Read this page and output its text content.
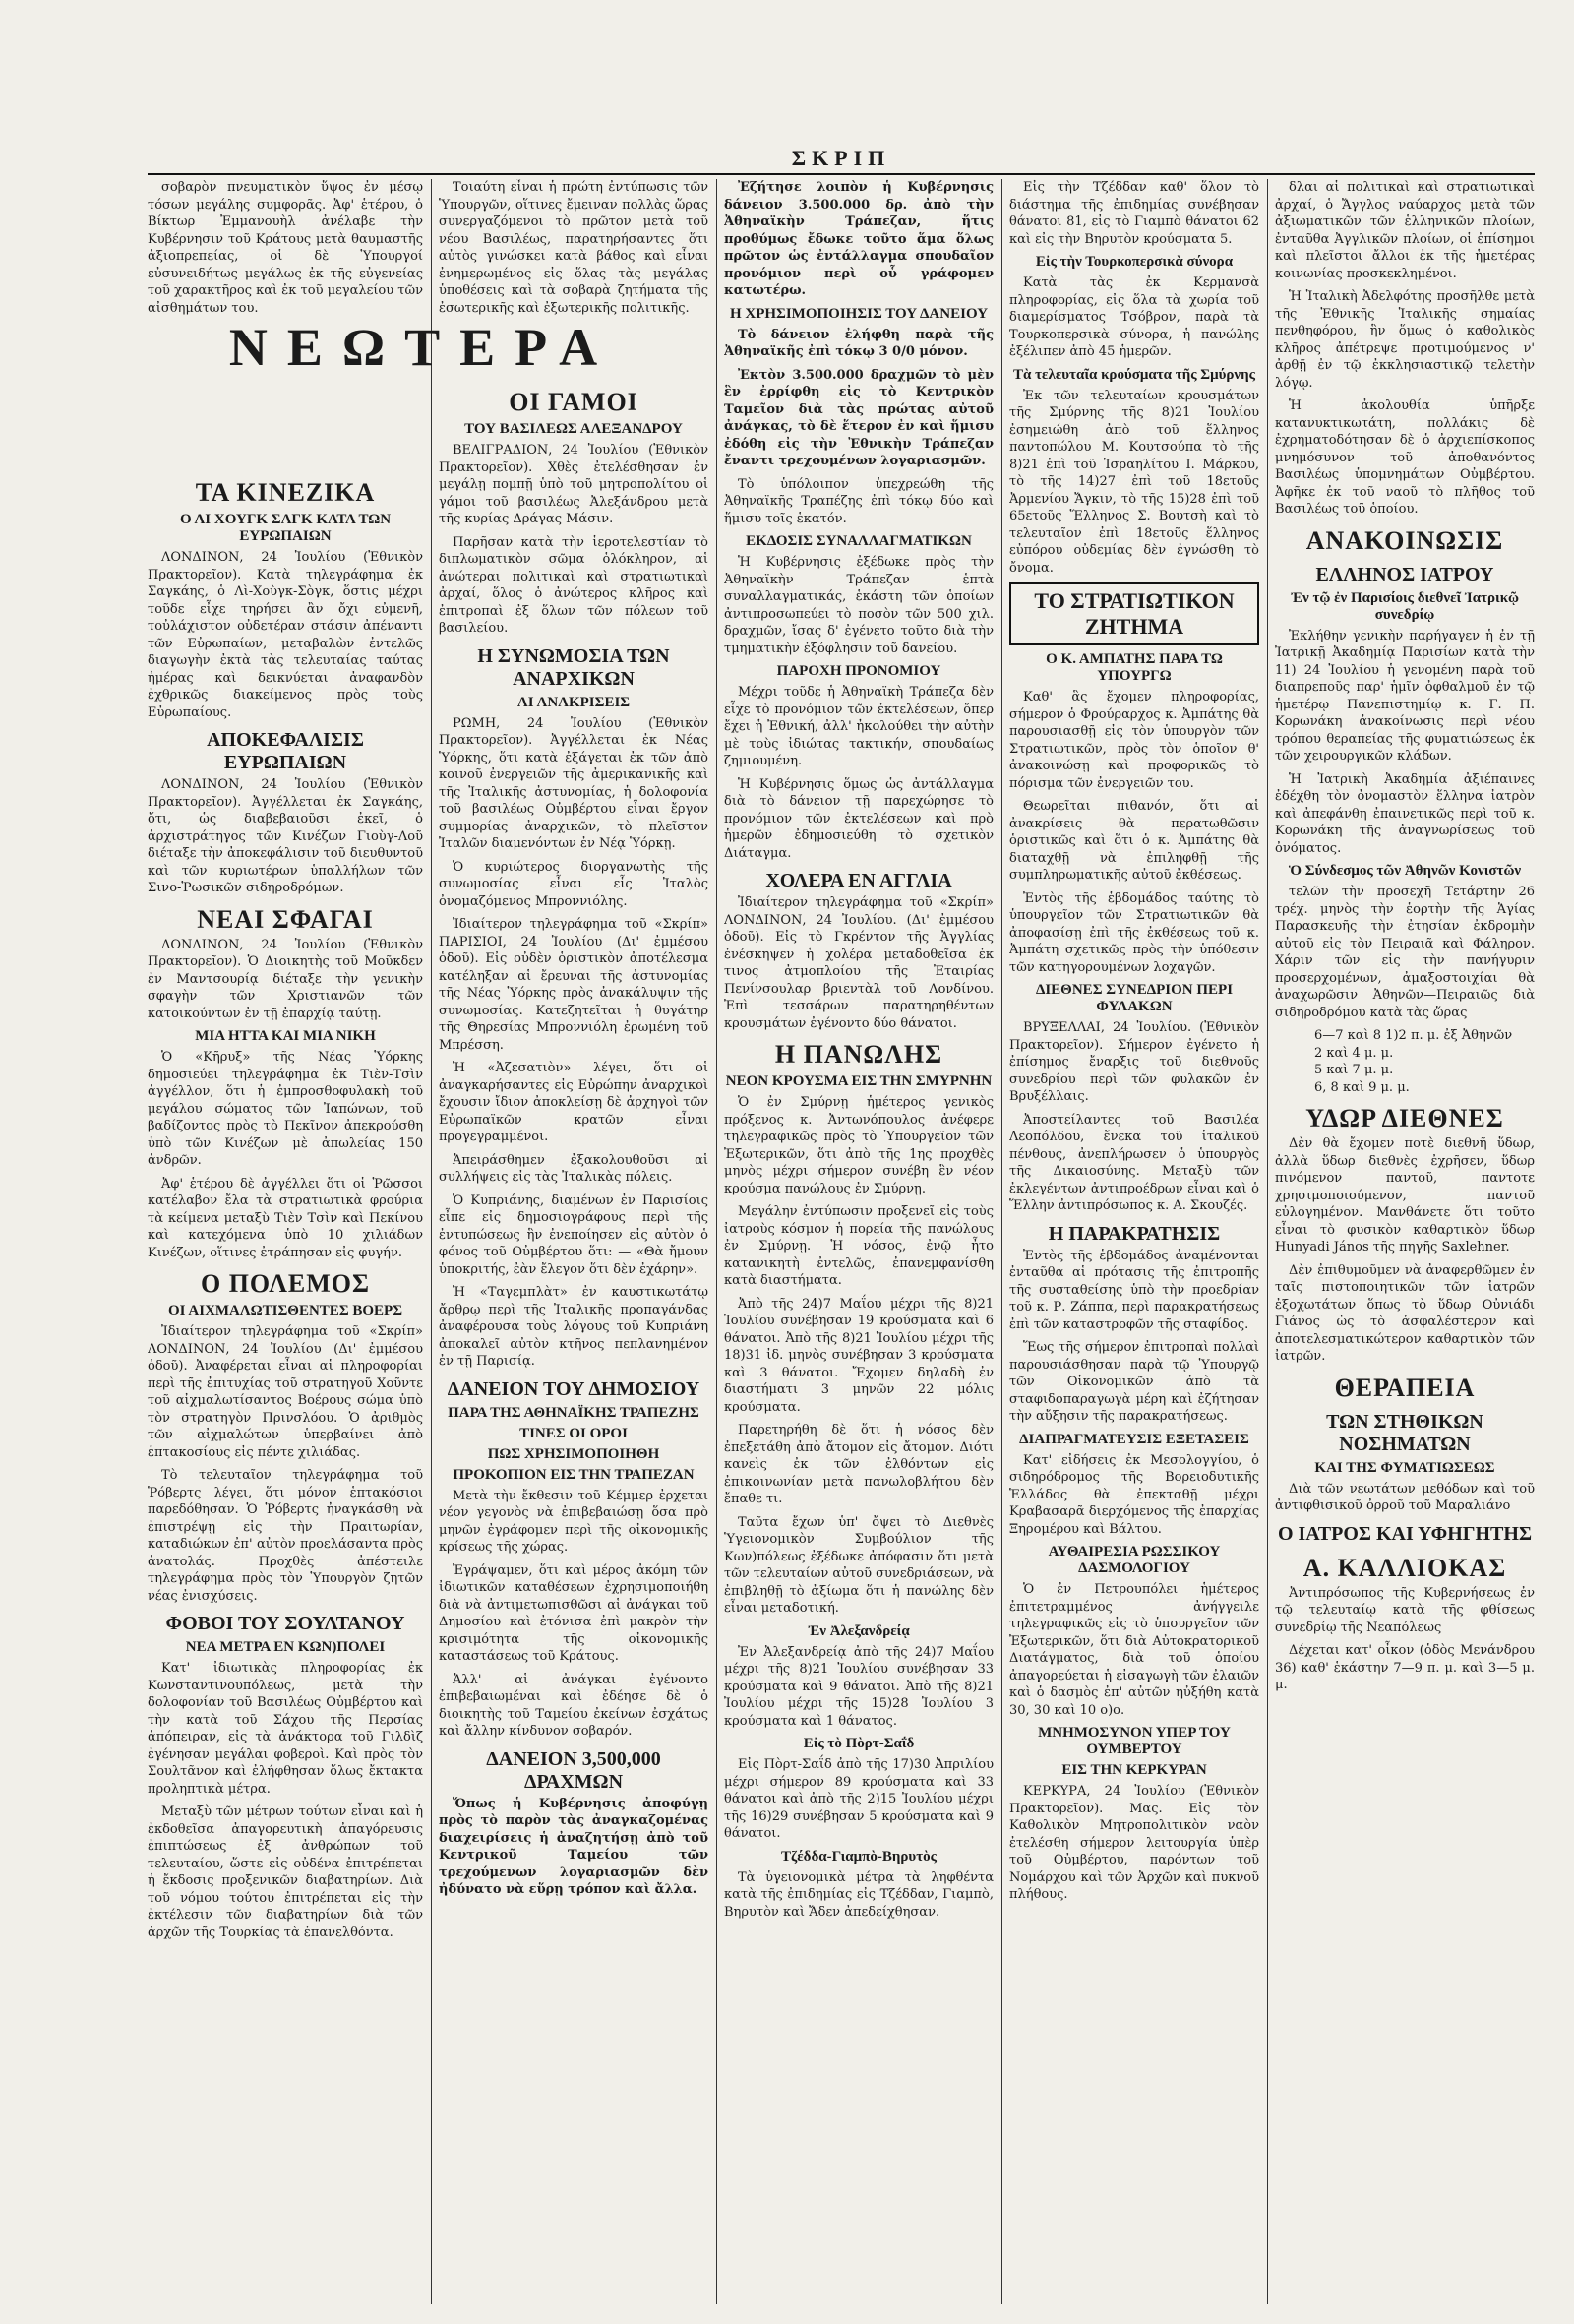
ΣΚΡΙΠ

σοβαρὸν πνευματικὸν ὕψος ἐν μέσῳ τόσων μεγάλης συμφορᾶς. Ἀφ' ἑτέρου, ὁ Βίκτωρ Ἐμμανουὴλ ἀνέλαβε τὴν Κυβέρνησιν τοῦ Κράτους μετὰ θαυμαστῆς ἀξιοπρεπείας, οἱ δὲ Ὑπουργοί εὐσυνειδήτως μεγάλως ἐκ τῆς εὐγενείας τοῦ χαρακτῆρος καὶ ἐκ τοῦ μεγαλείου τῶν αἰσθημάτων του.

ΤΑ ΚΙΝΕΖΙΚΑ
Ο ΛΙ ΧΟΥΓΚ ΣΑΓΚ ΚΑΤΑ ΤΩΝ ΕΥΡΩΠΑΙΩΝ

ΛΟΝΔΙΝΟΝ, 24 Ἰουλίου (Ἐθνικὸν Πρακτορεῖον). Κατὰ τηλεγράφημα ἐκ Σαγκάης, ὁ Λὶ-Χοὺγκ-Σὸγκ, ὅστις μέχρι τοῦδε εἶχε τηρήσει ἂν ὄχι εὐμενῆ, τοὐλάχιστον οὐδετέραν στάσιν ἀπέναντι τῶν Εὐρωπαίων, μεταβαλὼν ἐντελῶς διαγωγὴν ἐκτὰ τὰς τελευταίας ταύτας ἡμέρας καὶ δεικνύεται ἀναφανδὸν ἐχθρικῶς διακείμενος πρὸς τοὺς Εὐρωπαίους.

ΑΠΟΚΕΦΑΛΙΣΙΣ ΕΥΡΩΠΑΙΩΝ

ΛΟΝΔΙΝΟΝ, 24 Ἰουλίου (Ἐθνικὸν Πρακτορεῖον). Ἀγγέλλεται ἐκ Σαγκάης, ὅτι, ὡς διαβεβαιοῦσι ἐκεῖ, ὁ ἀρχιστράτηγος τῶν Κινέζων Γιοὺγ-Λοῦ διέταξε τὴν ἀποκεφάλισιν τοῦ διευθυντοῦ καὶ τῶν κυριωτέρων ὑπαλλήλων τῶν Σινο-Ῥωσικῶν σιδηροδρόμων.

ΝΕΑΙ ΣΦΑΓΑΙ

ΛΟΝΔΙΝΟΝ, 24 Ἰουλίου (Ἐθνικὸν Πρακτορεῖον). Ὁ Διοικητὴς τοῦ Μοῦκδεν ἐν Μαντσουρίᾳ διέταξε τὴν γενικὴν σφαγὴν τῶν Χριστιανῶν τῶν κατοικούντων ἐν τῇ ἐπαρχίᾳ ταύτῃ.

ΜΙΑ ΗΤΤΑ ΚΑΙ ΜΙΑ ΝΙΚΗ

Ὁ «Κῆρυξ» τῆς Νέας Ὑόρκης δημοσιεύει τηλεγράφημα ἐκ Τιὲν-Τσὶν ἀγγέλλον, ὅτι ἡ ἐμπροσθοφυλακὴ τοῦ μεγάλου σώματος τῶν Ἰαπώνων, τοῦ βαδίζοντος πρὸς τὸ Πεκῖνον ἀπεκρούσθη ὑπὸ τῶν Κινέζων μὲ ἀπωλείας 150 ἀνδρῶν.

Ἀφ' ἑτέρου δὲ ἀγγέλλει ὅτι οἱ Ῥῶσσοι κατέλαβον ἔλα τὰ στρατιωτικὰ φρούρια τὰ κείμενα μεταξὺ Τιὲν Τσὶν καὶ Πεκίνου καὶ κατεχόμενα ὑπὸ 10 χιλιάδων Κινέζων, οἵτινες ἐτράπησαν εἰς φυγήν.

Ο ΠΟΛΕΜΟΣ
ΟΙ ΑΙΧΜΑΛΩΤΙΣΘΕΝΤΕΣ ΒΟΕΡΣ

Ἰδιαίτερον τηλεγράφημα τοῦ «Σκρίπ» ΛΟΝΔΙΝΟΝ, 24 Ἰουλίου (Δι' ἐμμέσου ὁδοῦ). Ἀναφέρεται εἶναι αἱ πληροφορίαι περὶ τῆς ἐπιτυχίας τοῦ στρατηγοῦ Χοῦντε τοῦ αἰχμαλωτίσαντος Βοέρους σώμα ὑπὸ τὸν στρατηγὸν Πρινσλόου. Ὁ ἀριθμὸς τῶν αἰχμαλώτων ὑπερβαίνει ἀπὸ ἑπτακοσίους εἰς πέντε χιλιάδας.

Τὸ τελευταῖον τηλεγράφημα τοῦ Ῥόβερτς λέγει, ὅτι μόνον ἑπτακόσιοι παρεδόθησαν. Ὁ Ῥόβερτς ἠναγκάσθη νὰ ἐπιστρέψῃ εἰς τὴν Πραιτωρίαν, καταδιώκων ἐπ' αὐτὸν προελάσαντα πρὸς ἀνατολάς. Προχθὲς ἀπέστειλε τηλεγράφημα πρὸς τὸν Ὑπουργὸν ζητῶν νέας ἐνισχύσεις.

ΦΟΒΟΙ ΤΟΥ ΣΟΥΛΤΑΝΟΥ
ΝΕΑ ΜΕΤΡΑ ΕΝ ΚΩΝ)ΠΟΛΕΙ

Κατ' ἰδιωτικὰς πληροφορίας ἐκ Κωνσταντινουπόλεως, μετὰ τὴν δολοφονίαν τοῦ Βασιλέως Οὐμβέρτου καὶ τὴν κατὰ τοῦ Σάχου τῆς Περσίας ἀπόπειραν, εἰς τὰ ἀνάκτορα τοῦ Γιλδὶζ ἐγένησαν μεγάλαι φοβεροὶ. Καὶ πρὸς τὸν Σουλτᾶνον καὶ ἐλήφθησαν ὅλως ἔκτακτα προληπτικὰ μέτρα.

Μεταξὺ τῶν μέτρων τούτων εἶναι καὶ ἡ ἐκδοθεῖσα ἀπαγορευτικὴ ἀπαγόρευσις ἐπιπτώσεως ἐξ ἀνθρώπων τοῦ τελευταίου, ὥστε εἰς οὐδένα ἐπιτρέπεται ἡ ἔκδοσις προξενικῶν διαβατηρίων. Διὰ τοῦ νόμου τούτου ἐπιτρέπεται εἰς τὴν ἐκτέλεσιν τῶν διαβατηρίων διὰ τῶν ἀρχῶν τῆς Τουρκίας τὰ ἐπανελθόντα.

ΝΕΩΤΕΡΑ

Τοιαύτη εἶναι ἡ πρώτη ἐντύπωσις τῶν Ὑπουργῶν, οἵτινες ἔμειναν πολλὰς ὥρας συνεργαζόμενοι τὸ πρῶτον μετὰ τοῦ νέου Βασιλέως, παρατηρήσαντες ὅτι αὐτὸς γινώσκει κατὰ βάθος καὶ εἶναι ἐνημερωμένος εἰς ὅλας τὰς μεγάλας ὑποθέσεις καὶ τὰ σοβαρὰ ζητήματα τῆς ἐσωτερικῆς καὶ ἐξωτερικῆς πολιτικῆς.

ΟΙ ΓΑΜΟΙ
ΤΟΥ ΒΑΣΙΛΕΩΣ ΑΛΕΞΑΝΔΡΟΥ

ΒΕΛΙΓΡΑΔΙΟΝ, 24 Ἰουλίου (Ἐθνικὸν Πρακτορεῖον). Χθὲς ἐτελέσθησαν ἐν μεγάλῃ πομπῇ ὑπὸ τοῦ μητροπολίτου οἱ γάμοι τοῦ βασιλέως Ἀλεξάνδρου μετὰ τῆς κυρίας Δράγας Μάσιν.

Παρῆσαν κατὰ τὴν ἱεροτελεστίαν τὸ διπλωματικὸν σῶμα ὁλόκληρον, αἱ ἀνώτεραι πολιτικαὶ καὶ στρατιωτικαὶ ἀρχαί, ὅλος ὁ ἀνώτερος κλῆρος καὶ ἐπιτροπαὶ ἐξ ὅλων τῶν πόλεων τοῦ βασιλείου.

Η ΣΥΝΩΜΟΣΙΑ ΤΩΝ ΑΝΑΡΧΙΚΩΝ
ΑΙ ΑΝΑΚΡΙΣΕΙΣ

ΡΩΜΗ, 24 Ἰουλίου (Ἐθνικὸν Πρακτορεῖον). Ἀγγέλλεται ἐκ Νέας Ὑόρκης, ὅτι κατὰ ἐξάγεται ἐκ τῶν ἀπὸ κοινοῦ ἐνεργειῶν τῆς ἀμερικανικῆς καὶ τῆς Ἰταλικῆς ἀστυνομίας, ἡ δολοφονία τοῦ βασιλέως Οὐμβέρτου εἶναι ἔργον συμμορίας ἀναρχικῶν, τὸ πλεῖστον Ἰταλῶν διαμενόντων ἐν Νέᾳ Ὑόρκῃ.

Ὁ κυριώτερος διοργανωτὴς τῆς συνωμοσίας εἶναι εἷς Ἰταλὸς ὀνομαζόμενος Μπροννιόλης.

Ἰδιαίτερον τηλεγράφημα τοῦ «Σκρίπ» ΠΑΡΙΣΙΟΙ, 24 Ἰουλίου (Δι' ἐμμέσου ὁδοῦ). Εἰς οὐδὲν ὁριστικὸν ἀποτέλεσμα κατέληξαν αἱ ἔρευναι τῆς ἀστυνομίας τῆς Νέας Ὑόρκης πρὸς ἀνακάλυψιν τῆς συνωμοσίας. Κατεζητεῖται ἡ θυγάτηρ τῆς Θηρεσίας Μπροννιόλη ἐρωμένη τοῦ Μπρέσση.

Ἡ «Ἀζεσατιὸν» λέγει, ὅτι οἱ ἀναγκαρήσαντες εἰς Εὐρώπην ἀναρχικοὶ ἔχουσιν ἴδιον ἀποκλείσῃ δὲ ἀρχηγοὶ τῶν Εὐρωπαϊκῶν κρατῶν εἶναι προγεγραμμένοι.

Ἀπειράσθημεν ἐξακολουθοῦσι αἱ συλλήψεις εἰς τὰς Ἰταλικὰς πόλεις.

Ὁ Κυπριάνης, διαμένων ἐν Παρισίοις εἶπε εἰς δημοσιογράφους περὶ τῆς ἐντυπώσεως ἣν ἐνεποίησεν εἰς αὐτὸν ὁ φόνος τοῦ Οὐμβέρτου ὅτι: — «Θὰ ἤμουν ὑποκριτής, ἐὰν ἔλεγον ὅτι δὲν ἐχάρην».

Ἡ «Ταγεμπλὰτ» ἐν καυστικωτάτῳ ἄρθρῳ περὶ τῆς Ἰταλικῆς προπαγάνδας ἀναφέρουσα τοὺς λόγους τοῦ Κυπριάνη ἀποκαλεῖ αὐτὸν κτῆνος πεπλανημένον ἐν τῇ Παρισίᾳ.

ΔΑΝΕΙΟΝ ΤΟΥ ΔΗΜΟΣΙΟΥ
ΠΑΡΑ ΤΗΣ ΑΘΗΝΑΪΚΗΣ ΤΡΑΠΕΖΗΣ
ΤΙΝΕΣ ΟΙ ΟΡΟΙ
ΠΩΣ ΧΡΗΣΙΜΟΠΟΙΗΘΗ
ΠΡΟΚΟΠΙΟΝ ΕΙΣ ΤΗΝ ΤΡΑΠΕΖΑΝ

Μετὰ τὴν ἔκθεσιν τοῦ Κέμμερ ἐρχεται νέον γεγονὸς νὰ ἐπιβεβαιώσῃ ὅσα πρὸ μηνῶν ἐγράφομεν περὶ τῆς οἰκονομικῆς κρίσεως τῆς χώρας.

Ἐγράψαμεν, ὅτι καὶ μέρος ἀκόμη τῶν ἰδιωτικῶν καταθέσεων ἐχρησιμοποιήθη διὰ νὰ ἀντιμετωπισθῶσι αἱ ἀνάγκαι τοῦ Δημοσίου καὶ ἐτόνισα ἐπὶ μακρὸν τὴν κρισιμότητα τῆς οἰκονομικῆς καταστάσεως τοῦ Κράτους.

Ἀλλ' αἱ ἀνάγκαι ἐγένοντο ἐπιβεβαιωμέναι καὶ ἐδέησε δὲ ὁ διοικητὴς τοῦ Ταμείου ἐκείνων ἐσχάτως καὶ ἄλλην κίνδυνον σοβαρόν.

ΔΑΝΕΙΟΝ 3,500,000 ΔΡΑΧΜΩΝ

Ὅπως ἡ Κυβέρνησις ἀποφύγῃ πρὸς τὸ παρὸν τὰς ἀναγκαζομένας διαχειρίσεις ἡ ἀναζητήσῃ ἀπὸ τοῦ Κεντρικοῦ Ταμείου τῶν τρεχούμενων λογαριασμῶν δὲν ἠδύνατο νὰ εὕρῃ τρόπον καὶ ἄλλα.

Ἐζήτησε λοιπὸν ἡ Κυβέρνησις δάνειον 3.500.000 δρ. ἀπὸ τὴν Ἀθηναϊκὴν Τράπεζαν, ἥτις προθύμως ἔδωκε τοῦτο ἅμα ὅλως πρῶτον ὡς ἐντάλλαγμα σπουδαῖον προνόμιον περὶ οὗ γράφομεν κατωτέρω.

Η ΧΡΗΣΙΜΟΠΟΙΗΣΙΣ ΤΟΥ ΔΑΝΕΙΟΥ

Τὸ δάνειον ἐλήφθη παρὰ τῆς Ἀθηναϊκῆς ἐπὶ τόκῳ 3 0/0 μόνον.

Ἐκτὸν 3.500.000 δραχμῶν τὸ μὲν ἓν ἐρρίφθη εἰς τὸ Κεντρικὸν Ταμεῖον διὰ τὰς πρώτας αὐτοῦ ἀνάγκας, τὸ δὲ ἕτερον ἐν καὶ ἥμισυ ἐδόθη εἰς τὴν Ἐθνικὴν Τράπεζαν ἔναντι τρεχουμένων λογαριασμῶν.

Τὸ ὑπόλοιπον ὑπεχρεώθη τῆς Ἀθηναϊκῆς Τραπέζης ἐπὶ τόκῳ δύο καὶ ἥμισυ τοῖς ἑκατόν.

ΕΚΔΟΣΙΣ ΣΥΝΑΛΛΑΓΜΑΤΙΚΩΝ

Ἡ Κυβέρνησις ἐξέδωκε πρὸς τὴν Ἀθηναϊκὴν Τράπεζαν ἑπτὰ συναλλαγματικάς, ἑκάστη τῶν ὁποίων ἀντιπροσωπεύει τὸ ποσὸν τῶν 500 χιλ. δραχμῶν, ἴσας δ' ἐγένετο τοῦτο διὰ τὴν τμηματικὴν ἐξόφλησιν τοῦ δανείου.

ΠΑΡΟΧΗ ΠΡΟΝΟΜΙΟΥ

Μέχρι τοῦδε ἡ Ἀθηναϊκὴ Τράπεζα δὲν εἶχε τὸ προνόμιον τῶν ἐκτελέσεων, ὅπερ ἔχει ἡ Ἐθνική, ἀλλ' ἠκολούθει τὴν αὐτὴν μὲ τοὺς ἰδιώτας τακτικήν, σπουδαίως ζημιουμένη.

Ἡ Κυβέρνησις ὅμως ὡς ἀντάλλαγμα διὰ τὸ δάνειον τῇ παρεχώρησε τὸ προνόμιον τῶν ἐκτελέσεων καὶ πρὸ ἡμερῶν ἐδημοσιεύθη τὸ σχετικὸν Διάταγμα.

ΧΟΛΕΡΑ ΕΝ ΑΓΓΛΙΑ

Ἰδιαίτερον τηλεγράφημα τοῦ «Σκρίπ» ΛΟΝΔΙΝΟΝ, 24 Ἰουλίου. (Δι' ἐμμέσου ὁδοῦ). Εἰς τὸ Γκρέντον τῆς Ἀγγλίας ἐνέσκηψεν ἡ χολέρα μεταδοθεῖσα ἐκ τινος ἀτμοπλοίου τῆς Ἐταιρίας Πενίνσουλαρ βριεντὰλ τοῦ Λονδίνου. Ἐπὶ τεσσάρων παρατηρηθέντων κρουσμάτων ἐγένοντο δύο θάνατοι.

Η ΠΑΝΩΛΗΣ
ΝΕΟΝ ΚΡΟΥΣΜΑ ΕΙΣ ΤΗΝ ΣΜΥΡΝΗΝ

Ὁ ἐν Σμύρνῃ ἡμέτερος γενικὸς πρόξενος κ. Ἀντωνόπουλος ἀνέφερε τηλεγραφικῶς πρὸς τὸ Ὑπουργεῖον τῶν Ἐξωτερικῶν, ὅτι ἀπὸ τῆς 1ης προχθὲς μηνὸς μέχρι σήμερον συνέβη ἓν νέον κρούσμα πανώλους ἐν Σμύρνῃ.

Μεγάλην ἐντύπωσιν προξενεῖ εἰς τοὺς ἰατροὺς κόσμον ἡ πορεία τῆς πανώλους ἐν Σμύρνῃ. Ἡ νόσος, ἐνῷ ἦτο κατανικητὴ ἐντελῶς, ἐπανεμφανίσθη κατὰ διαστήματα.

Ἀπὸ τῆς 24)7 Μαΐου μέχρι τῆς 8)21 Ἰουλίου συνέβησαν 19 κρούσματα καὶ 6 θάνατοι. Ἀπὸ τῆς 8)21 Ἰουλίου μέχρι τῆς 18)31 ἰδ. μηνὸς συνέβησαν 3 κρούσματα καὶ 3 θάνατοι. Ἔχομεν δηλαδὴ ἐν διαστήματι 3 μηνῶν 22 μόλις κρούσματα.

Παρετηρήθη δὲ ὅτι ἡ νόσος δὲν ἐπεξετάθη ἀπὸ ἄτομον εἰς ἄτομον. Διότι κανεὶς ἐκ τῶν ἐλθόντων εἰς ἐπικοινωνίαν μετὰ πανωλοβλήτου δὲν ἔπαθε τι.

Ταῦτα ἔχων ὑπ' ὄψει τὸ Διεθνὲς Ὑγειονομικὸν Συμβούλιον τῆς Κων)πόλεως ἐξέδωκε ἀπόφασιν ὅτι μετὰ τῶν τελευταίων αὐτοῦ συνεδριάσεων, νὰ ἐπιβληθῇ τὸ ἀξίωμα ὅτι ἡ πανώλης δὲν εἶναι μεταδοτική.

Ἐν Ἀλεξανδρείᾳ

Ἐν Ἀλεξανδρείᾳ ἀπὸ τῆς 24)7 Μαΐου μέχρι τῆς 8)21 Ἰουλίου συνέβησαν 33 κρούσματα καὶ 9 θάνατοι. Ἀπὸ τῆς 8)21 Ἰουλίου μέχρι τῆς 15)28 Ἰουλίου 3 κρούσματα καὶ 1 θάνατος.

Εἰς τὸ Πὸρτ-Σαΐδ

Εἰς Πὸρτ-Σαΐδ ἀπὸ τῆς 17)30 Ἀπριλίου μέχρι σήμερον 89 κρούσματα καὶ 33 θάνατοι καὶ ἀπὸ τῆς 2)15 Ἰουλίου μέχρι τῆς 16)29 συνέβησαν 5 κρούσματα καὶ 9 θάνατοι.

Τζέδδα-Γιαμπὸ-Βηρυτὸς

Τὰ ὑγειονομικὰ μέτρα τὰ ληφθέντα κατὰ τῆς ἐπιδημίας εἰς Τζέδδαν, Γιαμπὸ, Βηρυτὸν καὶ Ἄδεν ἀπεδείχθησαν.

Εἰς τὴν Τζέδδαν καθ' ὅλον τὸ διάστημα τῆς ἐπιδημίας συνέβησαν θάνατοι 81, εἰς τὸ Γιαμπὸ θάνατοι 62 καὶ εἰς τὴν Βηρυτὸν κρούσματα 5.

Εἰς τὴν Τουρκοπερσικὰ σύνορα

Κατὰ τὰς ἐκ Κερμανσὰ πληροφορίας, εἰς ὅλα τὰ χωρία τοῦ διαμερίσματος Τσόβρον, παρὰ τὰ Τουρκοπερσικὰ σύνορα, ἡ πανώλης ἐξέλιπεν ἀπὸ 45 ἡμερῶν.

Τὰ τελευταῖα κρούσματα τῆς Σμύρνης

Ἐκ τῶν τελευταίων κρουσμάτων τῆς Σμύρνης τῆς 8)21 Ἰουλίου ἐσημειώθη ἀπὸ τοῦ ἕλληνος παντοπώλου Μ. Κουτσούπα τὸ τῆς 8)21 ἐπὶ τοῦ Ἰσραηλίτου Ι. Μάρκου, τὸ τῆς 14)27 ἐπὶ τοῦ 18ετοῦς Ἀρμενίου Ἄγκιν, τὸ τῆς 15)28 ἐπὶ τοῦ 65ετοῦς Ἕλληνος Σ. Βουτσὴ καὶ τὸ τελευταῖον ἐπὶ 18ετοῦς ἕλληνος εὐπόρου οὐδεμίας δὲν ἐγνώσθη τὸ ὄνομα.

ΤΟ ΣΤΡΑΤΙΩΤΙΚΟΝ ΖΗΤΗΜΑ
Ο Κ. ΑΜΠΑΤΗΣ ΠΑΡΑ ΤΩ ΥΠΟΥΡΓΩ

Καθ' ἃς ἔχομεν πληροφορίας, σήμερον ὁ Φρούραρχος κ. Ἀμπάτης θὰ παρουσιασθῇ εἰς τὸν ὑπουργὸν τῶν Στρατιωτικῶν, πρὸς τὸν ὁποῖον θ' ἀνακοινώσῃ καὶ προφορικῶς τὸ πόρισμα τῶν ἐνεργειῶν του.

Θεωρεῖται πιθανόν, ὅτι αἱ ἀνακρίσεις θὰ περατωθῶσιν ὁριστικῶς καὶ ὅτι ὁ κ. Ἀμπάτης θὰ διαταχθῇ νὰ ἐπιληφθῇ τῆς συμπληρωματικῆς αὐτοῦ ἐκθέσεως.

Ἐντὸς τῆς ἑβδομάδος ταύτης τὸ ὑπουργεῖον τῶν Στρατιωτικῶν θὰ ἀποφασίσῃ ἐπὶ τῆς ἐκθέσεως τοῦ κ. Ἀμπάτη σχετικῶς πρὸς τὴν ὑπόθεσιν τῶν κατηγορουμένων λοχαγῶν.

ΔΙΕΘΝΕΣ ΣΥΝΕΔΡΙΟΝ ΠΕΡΙ ΦΥΛΑΚΩΝ

ΒΡΥΞΕΛΛΑΙ, 24 Ἰουλίου. (Ἐθνικὸν Πρακτορεῖον). Σήμερον ἐγένετο ἡ ἐπίσημος ἔναρξις τοῦ διεθνοῦς συνεδρίου περὶ τῶν φυλακῶν ἐν Βρυξέλλαις.

Ἀποστείλαντες τοῦ Βασιλέα Λεοπόλδου, ἕνεκα τοῦ ἰταλικοῦ πένθους, ἀνεπλήρωσεν ὁ ὑπουργὸς τῆς Δικαιοσύνης. Μεταξὺ τῶν ἐκλεγέντων ἀντιπροέδρων εἶναι καὶ ὁ Ἕλλην ἀντιπρόσωπος κ. Α. Σκουζές.

Η ΠΑΡΑΚΡΑΤΗΣΙΣ

Ἐντὸς τῆς ἑβδομάδος ἀναμένονται ἐνταῦθα αἱ πρότασις τῆς ἐπιτροπῆς τῆς συσταθείσης ὑπὸ τὴν προεδρίαν τοῦ κ. Ρ. Ζάππα, περὶ παρακρατήσεως ἐπὶ τῶν καταστροφῶν τῆς σταφίδος.

Ἕως τῆς σήμερον ἐπιτροπαὶ πολλαὶ παρουσιάσθησαν παρὰ τῷ Ὑπουργῷ τῶν Οἰκονομικῶν ἀπὸ τὰ σταφιδοπαραγωγὰ μέρη καὶ ἐζήτησαν τὴν αὔξησιν τῆς παρακρατήσεως.

ΔΙΑΠΡΑΓΜΑΤΕΥΣΙΣ ΕΞΕΤΑΣΕΙΣ

Κατ' εἰδήσεις ἐκ Μεσολογγίου, ὁ σιδηρόδρομος τῆς Βορειοδυτικῆς Ἑλλάδος θὰ ἐπεκταθῇ μέχρι Κραβασαρᾶ διερχόμενος τῆς ἐπαρχίας Ξηρομέρου καὶ Βάλτου.

ΑΥΘΑΙΡΕΣΙΑ ΡΩΣΣΙΚΟΥ ΔΑΣΜΟΛΟΓΙΟΥ

Ὁ ἐν Πετρουπόλει ἡμέτερος ἐπιτετραμμένος ἀνήγγειλε τηλεγραφικῶς εἰς τὸ ὑπουργεῖον τῶν Ἐξωτερικῶν, ὅτι διὰ Αὐτοκρατορικοῦ Διατάγματος, διὰ τοῦ ὁποίου ἀπαγορεύεται ἡ εἰσαγωγὴ τῶν ἐλαιῶν καὶ ὁ δασμὸς ἐπ' αὐτῶν ηὐξήθη κατὰ 30, 30 καὶ 10 ο)ο.

ΜΝΗΜΟΣΥΝΟΝ ΥΠΕΡ ΤΟΥ ΟΥΜΒΕΡΤΟΥ
ΕΙΣ ΤΗΝ ΚΕΡΚΥΡΑΝ

ΚΕΡΚΥΡΑ, 24 Ἰουλίου (Ἐθνικὸν Πρακτορεῖον). Μας. Εἰς τὸν Καθολικὸν Μητροπολιτικὸν ναὸν ἐτελέσθη σήμερον λειτουργία ὑπὲρ τοῦ Οὐμβέρτου, παρόντων τοῦ Νομάρχου καὶ τῶν Ἀρχῶν καὶ πυκνοῦ πλήθους.

δλαι αἱ πολιτικαὶ καὶ στρατιωτικαὶ ἀρχαί, ὁ Ἄγγλος ναύαρχος μετὰ τῶν ἀξιωματικῶν τῶν ἑλληνικῶν πλοίων, ἐνταῦθα Ἀγγλικῶν πλοίων, οἱ ἐπίσημοι καὶ πλεῖστοι ἄλλοι ἐκ τῆς ἡμετέρας κοινωνίας προσκεκλημένοι.

Ἡ Ἰταλικὴ Ἀδελφότης προσῆλθε μετὰ τῆς Ἐθνικῆς Ἰταλικῆς σημαίας πενθηφόρου, ἣν ὅμως ὁ καθολικὸς κλῆρος ἀπέτρεψε προτιμούμενος ν' ἀρθῇ ἐν τῷ ἐκκλησιαστικῷ τελετὴν λόγῳ.

Ἡ ἀκολουθία ὑπῆρξε κατανυκτικωτάτη, πολλάκις δὲ ἐχρηματοδότησαν δὲ ὁ ἀρχιεπίσκοπος μνημόσυνον τοῦ ἀποθανόντος Βασιλέως ὑπομνημάτων Οὐμβέρτου. Ἀφῆκε ἐκ τοῦ ναοῦ τὸ πλῆθος τοῦ Βασιλέως τοῦ ὁποίου.

ΑΝΑΚΟΙΝΩΣΙΣ
ΕΛΛΗΝΟΣ ΙΑΤΡΟΥ
Ἐν τῷ ἐν Παρισίοις διεθνεῖ Ἰατρικῷ συνεδρίῳ

Ἐκλήθην γενικὴν παρήγαγεν ἡ ἐν τῇ Ἰατρικῇ Ἀκαδημίᾳ Παρισίων κατὰ τὴν 11) 24 Ἰουλίου ἡ γενομένη παρὰ τοῦ διαπρεποῦς παρ' ἡμῖν ὀφθαλμοῦ ἐν τῷ ἡμετέρῳ Πανεπιστημίῳ κ. Γ. Π. Κορωνάκη ἀνακοίνωσις περὶ νέου τρόπου θεραπείας τῆς φυματιώσεως ἐκ τῶν χειρουργικῶν κλάδων.

Ἡ Ἰατρικὴ Ἀκαδημία ἀξιέπαινες ἐδέχθη τὸν ὀνομαστὸν ἕλληνα ἰατρὸν καὶ ἀπεφάνθη ἐπαινετικῶς περὶ τοῦ κ. Κορωνάκη τῆς ἀναγνωρίσεως τοῦ ὀνόματος.

Ὁ Σύνδεσμος τῶν Ἀθηνῶν Κονιστῶν

τελῶν τὴν προσεχῆ Τετάρτην 26 τρέχ. μηνὸς τὴν ἑορτὴν τῆς Ἁγίας Παρασκευῆς τὴν ἐτησίαν ἐκδρομὴν αὐτοῦ εἰς τὸν Πειραιᾶ καὶ Φάληρον. Χάριν τῶν εἰς τὴν πανήγυριν προσερχομένων, ἀμαξοστοιχίαι θὰ ἀναχωρῶσιν Ἀθηνῶν—Πειραιῶς διὰ σιδηροδρόμου κατὰ τὰς ὥρας

6—7 καὶ 8 1)2 π. μ. ἐξ Ἀθηνῶν
2 καὶ 4 μ. μ.
5 καὶ 7 μ. μ.
6, 8 καὶ 9 μ. μ.
ΥΔΩΡ ΔΙΕΘΝΕΣ

Δὲν θὰ ἔχομεν ποτὲ διεθνῆ ὕδωρ, ἀλλὰ ὕδωρ διεθνὲς ἐχρῆσεν, ὕδωρ πινόμενον παντοῦ, παντοτε χρησιμοποιούμενον, παντοῦ εὐλογημένον. Μανθάνετε ὅτι τοῦτο εἶναι τὸ φυσικὸν καθαρτικὸν ὕδωρ Hunyadi János τῆς πηγῆς Saxlehner.

Δὲν ἐπιθυμοῦμεν νὰ ἀναφερθῶμεν ἐν ταῖς πιστοποιητικῶν τῶν ἰατρῶν ἐξοχωτάτων ὅπως τὸ ὕδωρ Οὐνιάδι Γιάνος ὡς τὸ ἀσφαλέστερον καὶ ἀποτελεσματικώτερον καθαρτικὸν τῶν ἰατρῶν.

ΘΕΡΑΠΕΙΑ
ΤΩΝ ΣΤΗΘΙΚΩΝ ΝΟΣΗΜΑΤΩΝ
ΚΑΙ ΤΗΣ ΦΥΜΑΤΙΩΣΕΩΣ

Διὰ τῶν νεωτάτων μεθόδων καὶ τοῦ ἀντιφθισικοῦ ὀρροῦ τοῦ Μαραλιάνο

Ο ΙΑΤΡΟΣ ΚΑΙ ΥΦΗΓΗΤΗΣ
Α. ΚΑΛΛΙΟΚΑΣ

Ἀντιπρόσωπος τῆς Κυβερνήσεως ἐν τῷ τελευταίῳ κατὰ τῆς φθίσεως συνεδρίῳ τῆς Νεαπόλεως

Δέχεται κατ' οἶκον (ὁδὸς Μενάνδρου 36) καθ' ἑκάστην 7—9 π. μ. καὶ 3—5 μ. μ.
